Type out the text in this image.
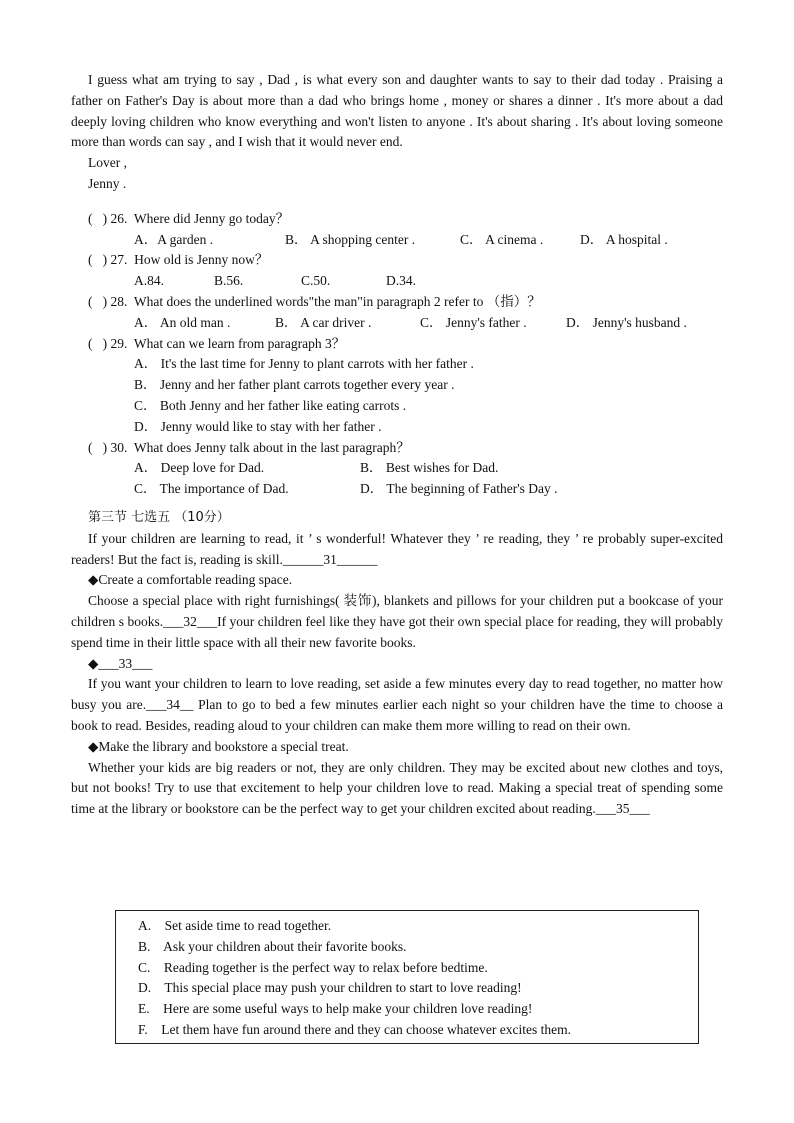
I guess what am trying to say , Dad , is what every son and daughter wants to say to their dad today . Praising a father on Father's Day is about more than a dad who brings home , money or shares a dinner . It's more about a dad deeply loving children who know everything and won't listen to anyone . It's about sharing . It's about loving someone more than words can say , and I wish that it would never end.

Lover ,

Jenny .

(   ) 26.  Where did Jenny go today？

A．A garden .	B． A shopping center .	C． A cinema .	D． A hospital .

(   ) 27.  How old is Jenny now？

A.84.	B.56.	C.50.	D.34.

(   ) 28.  What does the underlined words"the man"in paragraph 2 refer to （指）？

A． An old man .	B． A car driver .	C． Jenny's father .	D． Jenny's husband .

(   ) 29.  What can we learn from paragraph 3？

A． It's the last time for Jenny to plant carrots with her father .

B． Jenny and her father plant carrots together every year .

C． Both Jenny and her father like eating carrots .

D． Jenny would like to stay with her father .

(   ) 30.  What does Jenny talk about in the last paragraph？

A． Deep love for Dad.	B． Best wishes for Dad.
C． The importance of Dad.	D． The beginning of Father's Day .

第三节 七选五 （10分）

If your children are learning to read, it ’ s wonderful! Whatever they ’ re reading, they ’ re probably super-excited readers! But the fact is, reading is skill.______31______

◆Create a comfortable reading space.

Choose a special place with right furnishings( 装饰), blankets and pillows for your children put a bookcase of your children s books.___32___If your children feel like they have got their own special place for reading, they will probably spend time in their little space with all their new favorite books.

◆___33___

If you want your children to learn to love reading, set aside a few minutes every day to read together, no matter how busy you are.___34__ Plan to go to bed a few minutes earlier each night so your children have the time to choose a book to read. Besides, reading aloud to your children can make them more willing to read on their own.

◆Make the library and bookstore a special treat.

Whether your kids are big readers or not, they are only children. They may be excited about new clothes and toys, but not books! Try to use that excitement to help your children love to read. Making a special treat of spending some time at the library or bookstore can be the perfect way to get your children excited about reading.___35___

A.    Set aside time to read together.

B.    Ask your children about their favorite books.

C.    Reading together is the perfect way to relax before bedtime.

D.    This special place may push your children to start to love reading!

E.    Here are some useful ways to help make your children love reading!

F.    Let them have fun around there and they can choose whatever excites them.
